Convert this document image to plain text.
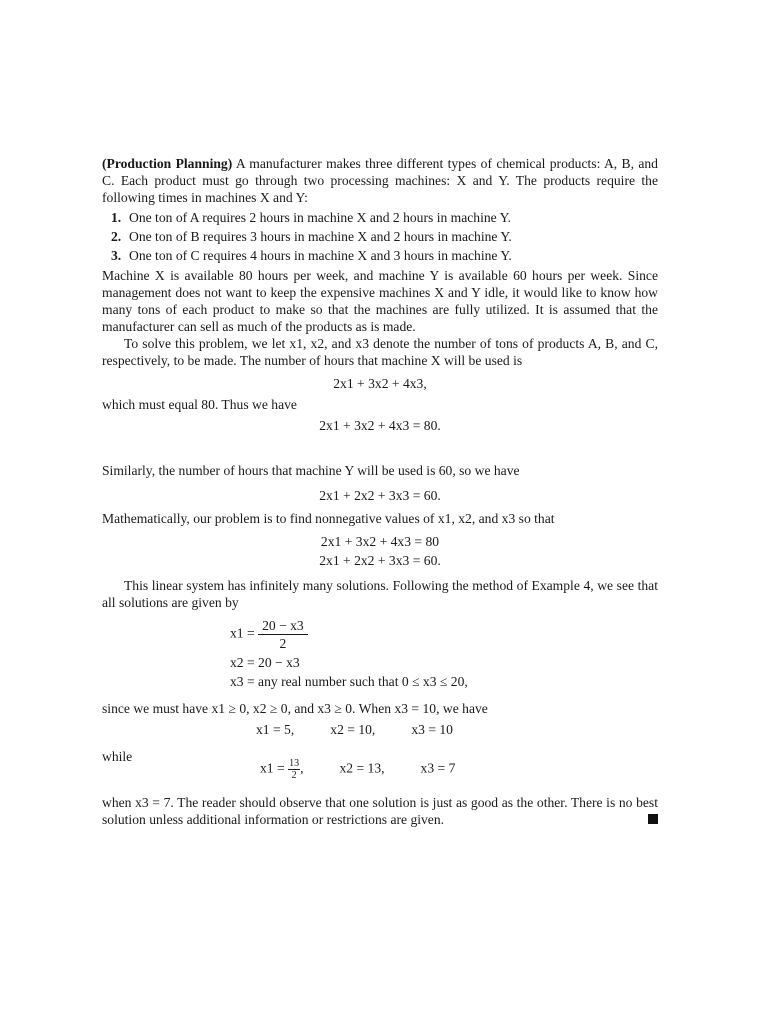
(Production Planning) A manufacturer makes three different types of chemical products: A, B, and C. Each product must go through two processing machines: X and Y. The products require the following times in machines X and Y:

1. One ton of A requires 2 hours in machine X and 2 hours in machine Y.
2. One ton of B requires 3 hours in machine X and 2 hours in machine Y.
3. One ton of C requires 4 hours in machine X and 3 hours in machine Y.

Machine X is available 80 hours per week, and machine Y is available 60 hours per week. Since management does not want to keep the expensive machines X and Y idle, it would like to know how many tons of each product to make so that the machines are fully utilized. It is assumed that the manufacturer can sell as much of the products as is made.

To solve this problem, we let x1, x2, and x3 denote the number of tons of products A, B, and C, respectively, to be made. The number of hours that machine X will be used is

2x1 + 3x2 + 4x3,

which must equal 80. Thus we have

2x1 + 3x2 + 4x3 = 80.

Similarly, the number of hours that machine Y will be used is 60, so we have

2x1 + 2x2 + 3x3 = 60.

Mathematically, our problem is to find nonnegative values of x1, x2, and x3 so that

2x1 + 3x2 + 4x3 = 80
2x1 + 2x2 + 3x3 = 60.

This linear system has infinitely many solutions. Following the method of Example 4, we see that all solutions are given by

$x1 = \frac{20 - x3}{2}$
x2 = 20 − x3
x3 = any real number such that 0 ≤ x3 ≤ 20,

since we must have x1 ≥ 0, x2 ≥ 0, and x3 ≥ 0. When x3 = 10, we have

x1 = 5,	x2 = 10,	x3 = 10
while
$x1 = \frac{13}{2}$ ,	x2 = 13,	x3 = 7

when x3 = 7. The reader should observe that one solution is just as good as the other. There is no best solution unless additional information or restrictions are given.
